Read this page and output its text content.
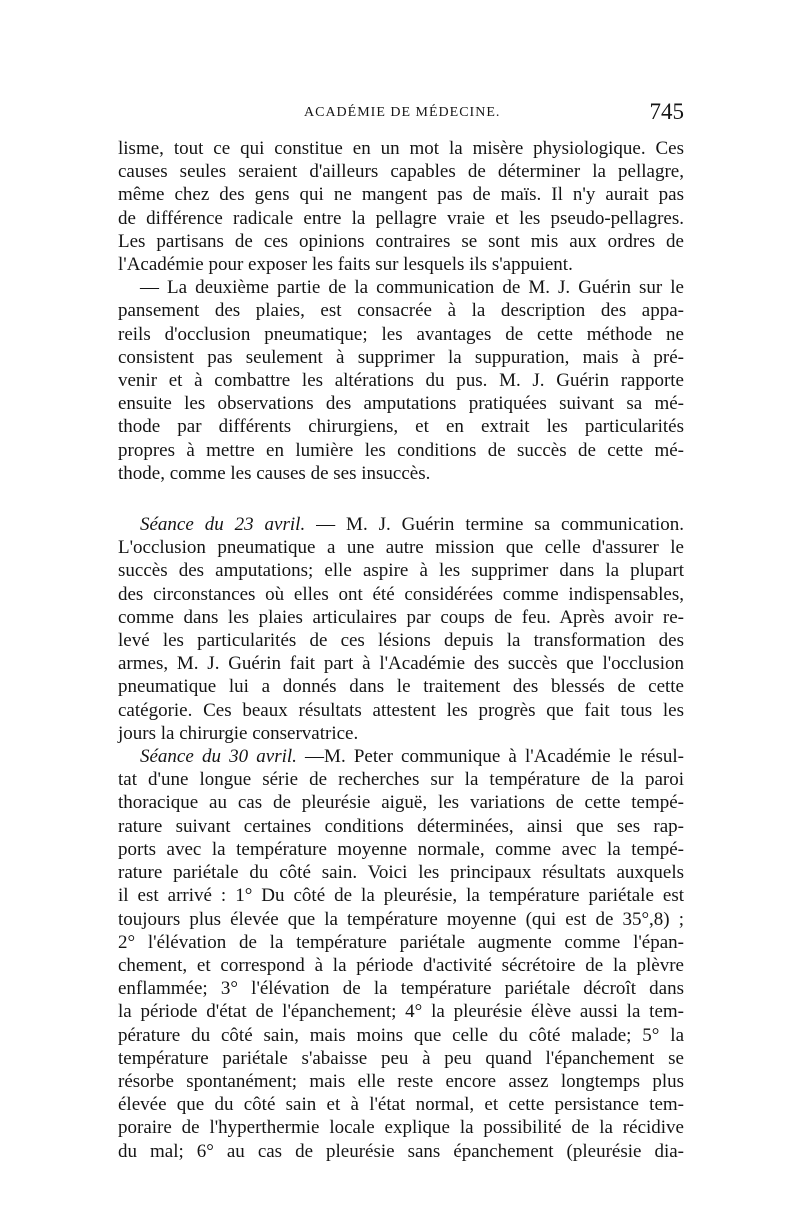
ACADÉMIE DE MÉDECINE.	745
lisme, tout ce qui constitue en un mot la misère physiologique. Ces
causes seules seraient d'ailleurs capables de déterminer la pellagre,
même chez des gens qui ne mangent pas de maïs. Il n'y aurait pas
de différence radicale entre la pellagre vraie et les pseudo-pellagres.
Les partisans de ces opinions contraires se sont mis aux ordres de
l'Académie pour exposer les faits sur lesquels ils s'appuient.
— La deuxième partie de la communication de M. J. Guérin sur le
pansement des plaies, est consacrée à la description des appa-
reils d'occlusion pneumatique; les avantages de cette méthode ne
consistent pas seulement à supprimer la suppuration, mais à pré-
venir et à combattre les altérations du pus. M. J. Guérin rapporte
ensuite les observations des amputations pratiquées suivant sa mé-
thode par différents chirurgiens, et en extrait les particularités
propres à mettre en lumière les conditions de succès de cette mé-
thode, comme les causes de ses insuccès.
Séance du 23 avril. — M. J. Guérin termine sa communication.
L'occlusion pneumatique a une autre mission que celle d'assurer le
succès des amputations; elle aspire à les supprimer dans la plupart
des circonstances où elles ont été considérées comme indispensables,
comme dans les plaies articulaires par coups de feu. Après avoir re-
levé les particularités de ces lésions depuis la transformation des
armes, M. J. Guérin fait part à l'Académie des succès que l'occlusion
pneumatique lui a donnés dans le traitement des blessés de cette
catégorie. Ces beaux résultats attestent les progrès que fait tous les
jours la chirurgie conservatrice.
Séance du 30 avril. —M. Peter communique à l'Académie le résul-
tat d'une longue série de recherches sur la température de la paroi
thoracique au cas de pleurésie aiguë, les variations de cette tempé-
rature suivant certaines conditions déterminées, ainsi que ses rap-
ports avec la température moyenne normale, comme avec la tempé-
rature pariétale du côté sain. Voici les principaux résultats auxquels
il est arrivé : 1° Du côté de la pleurésie, la température pariétale est
toujours plus élevée que la température moyenne (qui est de 35°,8) ;
2° l'élévation de la température pariétale augmente comme l'épan-
chement, et correspond à la période d'activité sécrétoire de la plèvre
enflammée; 3° l'élévation de la température pariétale décroît dans
la période d'état de l'épanchement; 4° la pleurésie élève aussi la tem-
pérature du côté sain, mais moins que celle du côté malade; 5° la
température pariétale s'abaisse peu à peu quand l'épanchement se
résorbe spontanément; mais elle reste encore assez longtemps plus
élevée que du côté sain et à l'état normal, et cette persistance tem-
poraire de l'hyperthermie locale explique la possibilité de la récidive
du mal; 6° au cas de pleurésie sans épanchement (pleurésie dia-
